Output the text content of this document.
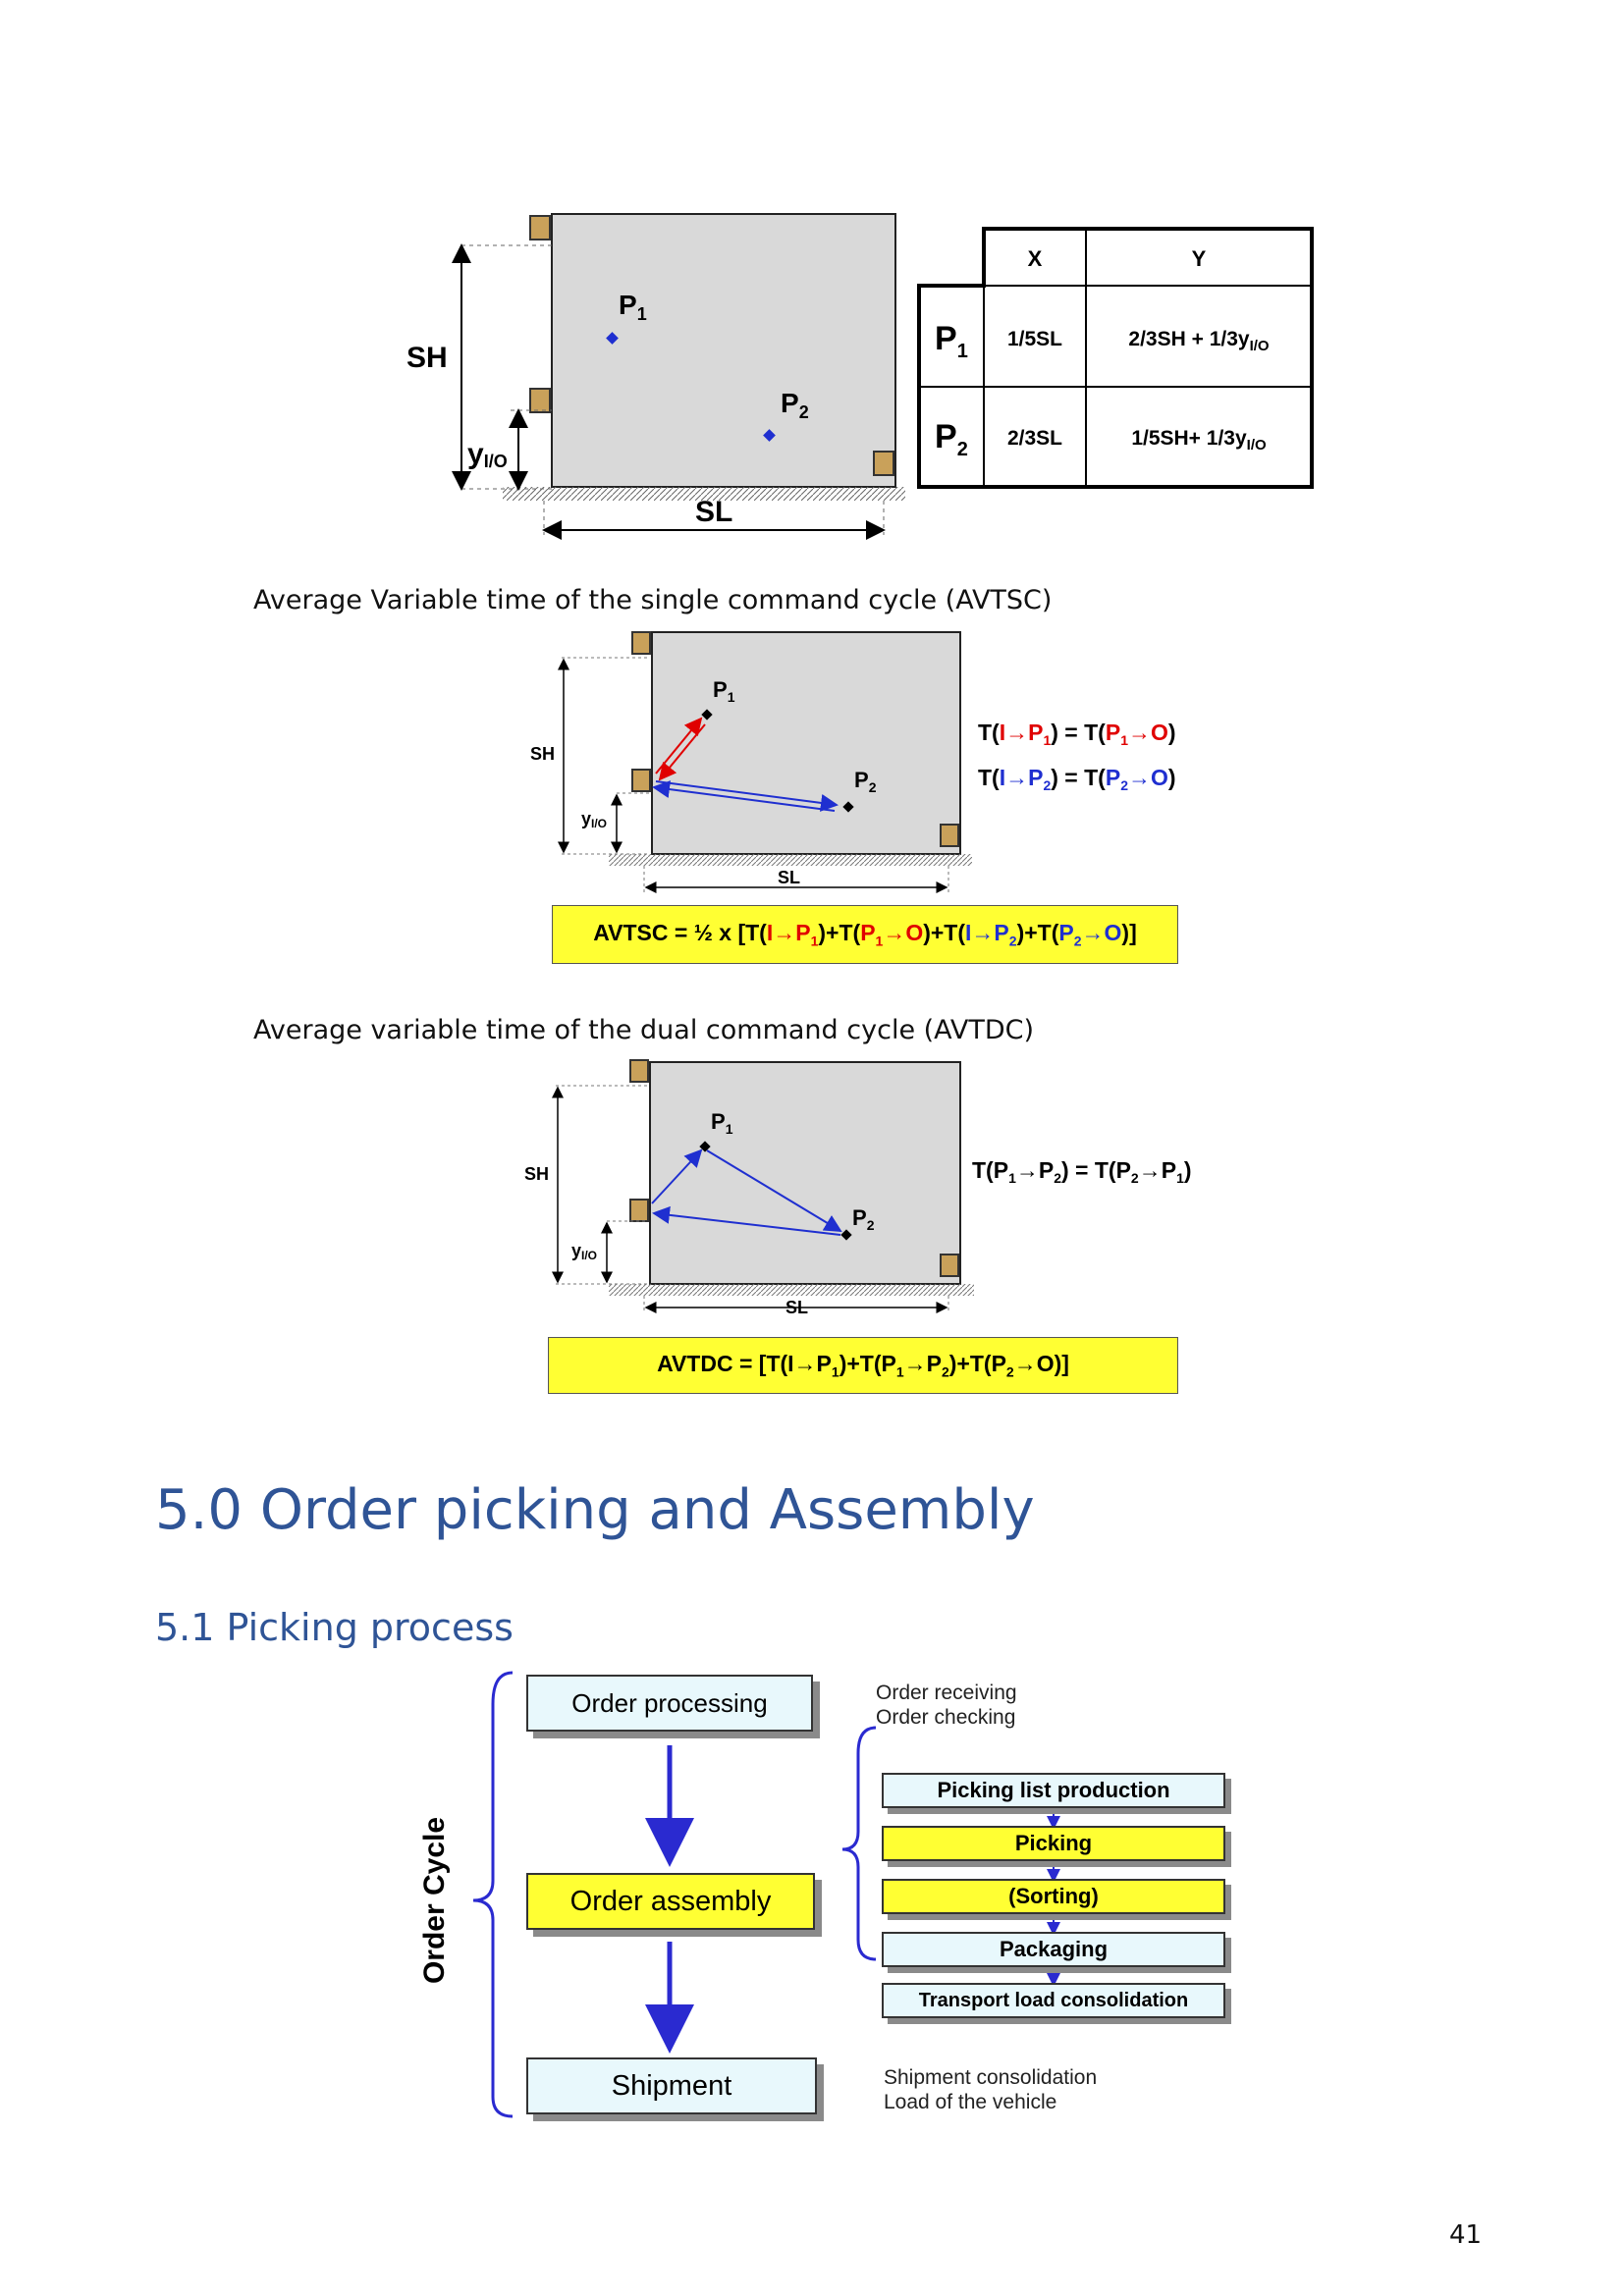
SH
yI/O
SL
$P_1$
$P_2$
X	Y
$P_1$
$P_2$
1/5SL
2/3SL
$2/3SH + 1/3y_{I/O}$
$1/5SH+ 1/3y_{I/O}$
Average Variable time of the single command cycle (AVTSC)
$P_1$
$P_2$
SH
yI/O
SL
$T(I\to P_1) = T(P_1\to O)$
$T(I\to P_2) = T(P_2\to O)$
AVTSC = ½ x $[T(I\to P_1)+T(P_1\to O)+T(I\to P_2)+T(P_2\to O)]$
Average variable time of the dual command cycle (AVTDC)
$P_1$
$P_2$
SH
yI/O
SL
$T(P_1\to P_2) = T(P_2\to P_1)$
AVTDC = $[T(I\to P_1)+T(P_1\to P_2)+T(P_2\to O)]$
5.0 Order picking and Assembly
5.1 Picking process
Order Cycle
Order processing
Order assembly
Shipment
Order receiving
Order checking
Shipment consolidation
Load of the vehicle
Picking list production
Picking
(Sorting)
Packaging
Transport load consolidation
41
